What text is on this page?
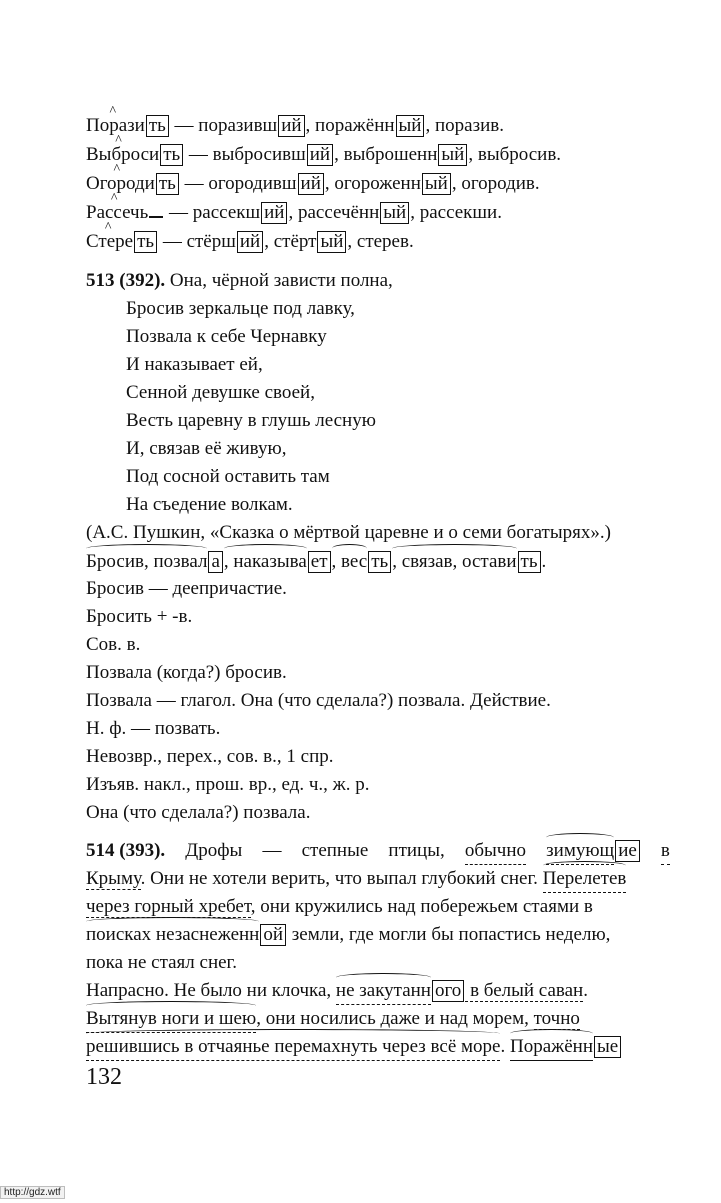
Порази ^ ть — поразивш ий , поражённ ый , поразив.
Выброси ^ ть — выбросивш ий , выброшенн ый , выбросив.
Огороди ^ ть — огородивш ий , огороженн ый , огородив.
Рассечь ^ — рассекш ий , рассечённ ый , рассекши.
Стере ^ ть — стёрш ий , стёрт ый , стерев.
513 (392). Она, чёрной зависти полна,
Бросив зеркальце под лавку,
Позвала к себе Чернавку
И наказывает ей,
Сенной девушке своей,
Весть царевну в глушь лесную
И, связав её живую,
Под сосной оставить там
На съедение волкам.
(А.С. Пушкин, «Сказка о мёртвой царевне и о семи богатырях».)
Бросив, позвал а , наказыва ет , вес ть , связав, остави ть .
Бросив — деепричастие.
Бросить + -в.
Сов. в.
Позвала (когда?) бросив.
Позвала — глагол. Она (что сделала?) позвала. Действие.
Н. ф. — позвать.
Невозвр., перех., сов. в., 1 спр.
Изъяв. накл., прош. вр., ед. ч., ж. р.
Она (что сделала?) позвала.
514 (393). Дрофы — степные птицы, обычно зимующ ие в
Крыму. Они не хотели верить, что выпал глубокий снег. Перелетев
через горный хребет, они кружились над побережьем стаями в
поисках незаснеженн ой земли, где могли бы попастись неделю,
пока не стаял снег.
Напрасно. Не было ни клочка, не закутанн ого в белый саван.
Вытянув ноги и шею, они носились даже и над морем, точно
решившись в отчаянье перемахнуть через всё море. Поражённ ые
132
http://gdz.wtf
